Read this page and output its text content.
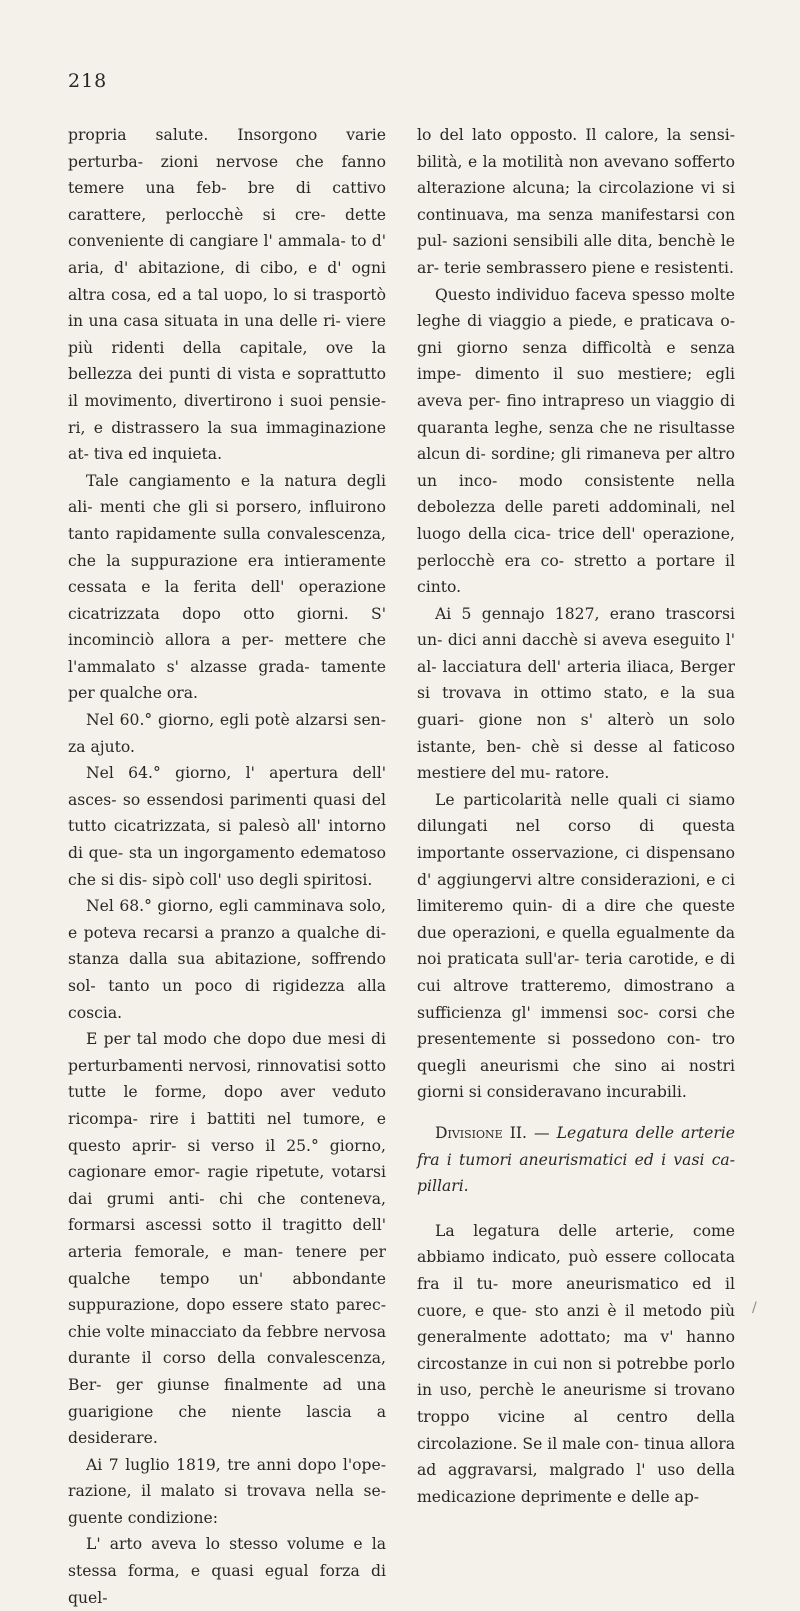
218

propria salute. Insorgono varie perturba- zioni nervose che fanno temere una feb- bre di cattivo carattere, perlocchè si cre- dette conveniente di cangiare l' ammala- to d' aria, d' abitazione, di cibo, e d' ogni altra cosa, ed a tal uopo, lo si trasportò in una casa situata in una delle ri- viere più ridenti della capitale, ove la bellezza dei punti di vista e soprattutto il movimento, divertirono i suoi pensie- ri, e distrassero la sua immaginazione at- tiva ed inquieta.

Tale cangiamento e la natura degli ali- menti che gli si porsero, influirono tanto rapidamente sulla convalescenza, che la suppurazione era intieramente cessata e la ferita dell' operazione cicatrizzata dopo otto giorni. S' incominciò allora a per- mettere che l'ammalato s' alzasse grada- tamente per qualche ora.

Nel 60.° giorno, egli potè alzarsi sen- za ajuto.

Nel 64.° giorno, l' apertura dell' asces- so essendosi parimenti quasi del tutto cicatrizzata, si palesò all' intorno di que- sta un ingorgamento edematoso che si dis- sipò coll' uso degli spiritosi.

Nel 68.° giorno, egli camminava solo, e poteva recarsi a pranzo a qualche di- stanza dalla sua abitazione, soffrendo sol- tanto un poco di rigidezza alla coscia.

E per tal modo che dopo due mesi di perturbamenti nervosi, rinnovatisi sotto tutte le forme, dopo aver veduto ricompa- rire i battiti nel tumore, e questo aprir- si verso il 25.° giorno, cagionare emor- ragie ripetute, votarsi dai grumi anti- chi che conteneva, formarsi ascessi sotto il tragitto dell' arteria femorale, e man- tenere per qualche tempo un' abbondante suppurazione, dopo essere stato parec- chie volte minacciato da febbre nervosa durante il corso della convalescenza, Ber- ger giunse finalmente ad una guarigione che niente lascia a desiderare.

Ai 7 luglio 1819, tre anni dopo l'ope- razione, il malato si trovava nella se- guente condizione:

L' arto aveva lo stesso volume e la stessa forma, e quasi egual forza di quel-

lo del lato opposto. Il calore, la sensi- bilità, e la motilità non avevano sofferto alterazione alcuna; la circolazione vi si continuava, ma senza manifestarsi con pul- sazioni sensibili alle dita, benchè le ar- terie sembrassero piene e resistenti.

Questo individuo faceva spesso molte leghe di viaggio a piede, e praticava o- gni giorno senza difficoltà e senza impe- dimento il suo mestiere; egli aveva per- fino intrapreso un viaggio di quaranta leghe, senza che ne risultasse alcun di- sordine; gli rimaneva per altro un inco- modo consistente nella debolezza delle pareti addominali, nel luogo della cica- trice dell' operazione, perlocchè era co- stretto a portare il cinto.

Ai 5 gennajo 1827, erano trascorsi un- dici anni dacchè si aveva eseguito l' al- lacciatura dell' arteria iliaca, Berger si trovava in ottimo stato, e la sua guari- gione non s' alterò un solo istante, ben- chè si desse al faticoso mestiere del mu- ratore.

Le particolarità nelle quali ci siamo dilungati nel corso di questa importante osservazione, ci dispensano d' aggiungervi altre considerazioni, e ci limiteremo quin- di a dire che queste due operazioni, e quella egualmente da noi praticata sull'ar- teria carotide, e di cui altrove tratteremo, dimostrano a sufficienza gl' immensi soc- corsi che presentemente si possedono con- tro quegli aneurismi che sino ai nostri giorni si consideravano incurabili.

Divisione II. — Legatura delle arterie fra i tumori aneurismatici ed i vasi ca- pillari.

La legatura delle arterie, come abbiamo indicato, può essere collocata fra il tu- more aneurismatico ed il cuore, e que- sto anzi è il metodo più generalmente adottato; ma v' hanno circostanze in cui non si potrebbe porlo in uso, perchè le aneurisme si trovano troppo vicine al centro della circolazione. Se il male con- tinua allora ad aggravarsi, malgrado l' uso della medicazione deprimente e delle ap-

/
